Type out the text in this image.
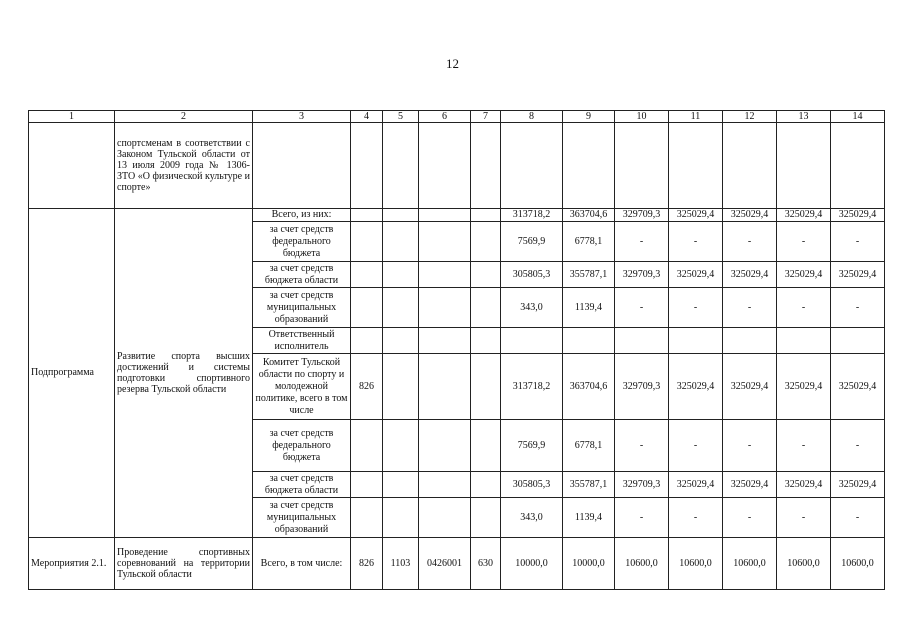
12
1	2	3	4	5	6	7	8	9	10	11	12	13	14
	спортсменам в соответствии с Законом Тульской области от 13 июля 2009 года № 1306-ЗТО «О физической культуре и спорте»												
Подпрограмма	Развитие спорта высших достижений и системы подготовки спортивного резерва Тульской области	Всего, из них:					313718,2	363704,6	329709,3	325029,4	325029,4	325029,4	325029,4
		за счет средств федерального бюджета					7569,9	6778,1	-	-	-	-	-
		за счет средств бюджета области					305805,3	355787,1	329709,3	325029,4	325029,4	325029,4	325029,4
		за счет средств муниципальных образований					343,0	1139,4	-	-	-	-	-
		Ответственный исполнитель											
		Комитет Тульской области по спорту и молодежной политике, всего в том числе	826				313718,2	363704,6	329709,3	325029,4	325029,4	325029,4	325029,4
		за счет средств федерального бюджета					7569,9	6778,1	-	-	-	-	-
		за счет средств бюджета области					305805,3	355787,1	329709,3	325029,4	325029,4	325029,4	325029,4
		за счет средств муниципальных образований					343,0	1139,4	-	-	-	-	-
Мероприятия 2.1.	Проведение спортивных соревнований на территории Тульской области	Всего, в том числе:	826	1103	0426001	630	10000,0	10000,0	10600,0	10600,0	10600,0	10600,0	10600,0
